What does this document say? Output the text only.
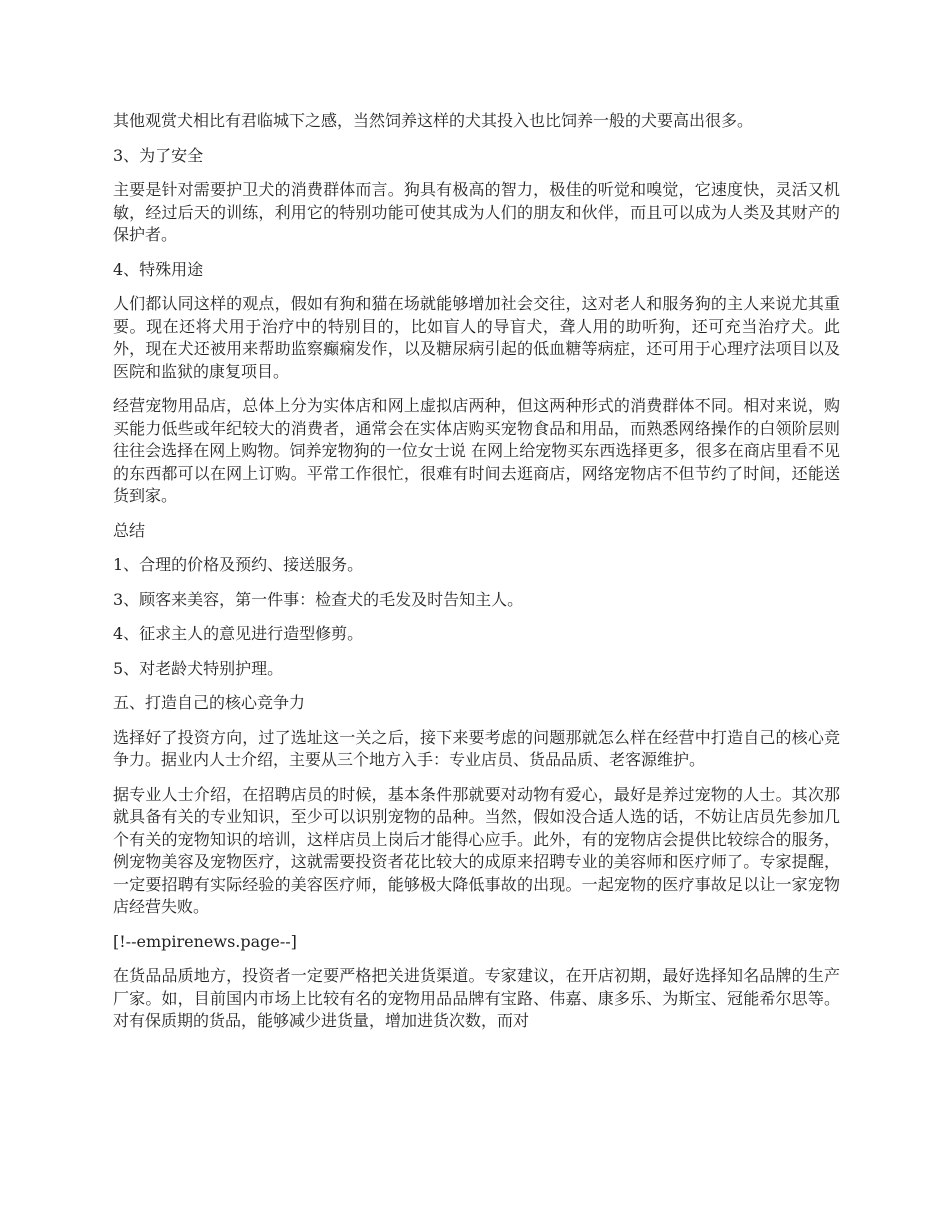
其他观赏犬相比有君临城下之感，当然饲养这样的犬其投入也比饲养一般的犬要高出很多。

3、为了安全

主要是针对需要护卫犬的消费群体而言。狗具有极高的智力，极佳的听觉和嗅觉，它速度快，灵活又机敏，经过后天的训练，利用它的特别功能可使其成为人们的朋友和伙伴，而且可以成为人类及其财产的保护者。

4、特殊用途

人们都认同这样的观点，假如有狗和猫在场就能够增加社会交往，这对老人和服务狗的主人来说尤其重要。现在还将犬用于治疗中的特别目的，比如盲人的导盲犬，聋人用的助听狗，还可充当治疗犬。此外，现在犬还被用来帮助监察癫痫发作，以及糖尿病引起的低血糖等病症，还可用于心理疗法项目以及医院和监狱的康复项目。

经营宠物用品店，总体上分为实体店和网上虚拟店两种，但这两种形式的消费群体不同。相对来说，购买能力低些或年纪较大的消费者，通常会在实体店购买宠物食品和用品，而熟悉网络操作的白领阶层则往往会选择在网上购物。饲养宠物狗的一位女士说 在网上给宠物买东西选择更多，很多在商店里看不见的东西都可以在网上订购。平常工作很忙，很难有时间去逛商店，网络宠物店不但节约了时间，还能送货到家。

总结

1、合理的价格及预约、接送服务。

3、顾客来美容，第一件事：检查犬的毛发及时告知主人。

4、征求主人的意见进行造型修剪。

5、对老龄犬特别护理。

五、打造自己的核心竞争力

选择好了投资方向，过了选址这一关之后，接下来要考虑的问题那就怎么样在经营中打造自己的核心竞争力。据业内人士介绍，主要从三个地方入手：专业店员、货品品质、老客源维护。

据专业人士介绍，在招聘店员的时候，基本条件那就要对动物有爱心，最好是养过宠物的人士。其次那就具备有关的专业知识，至少可以识别宠物的品种。当然，假如没合适人选的话，不妨让店员先参加几个有关的宠物知识的培训，这样店员上岗后才能得心应手。此外，有的宠物店会提供比较综合的服务，例宠物美容及宠物医疗，这就需要投资者花比较大的成原来招聘专业的美容师和医疗师了。专家提醒，一定要招聘有实际经验的美容医疗师，能够极大降低事故的出现。一起宠物的医疗事故足以让一家宠物店经营失败。

[!--empirenews.page--]

在货品品质地方，投资者一定要严格把关进货渠道。专家建议，在开店初期，最好选择知名品牌的生产厂家。如，目前国内市场上比较有名的宠物用品品牌有宝路、伟嘉、康多乐、为斯宝、冠能希尔思等。对有保质期的货品，能够减少进货量，增加进货次数，而对
